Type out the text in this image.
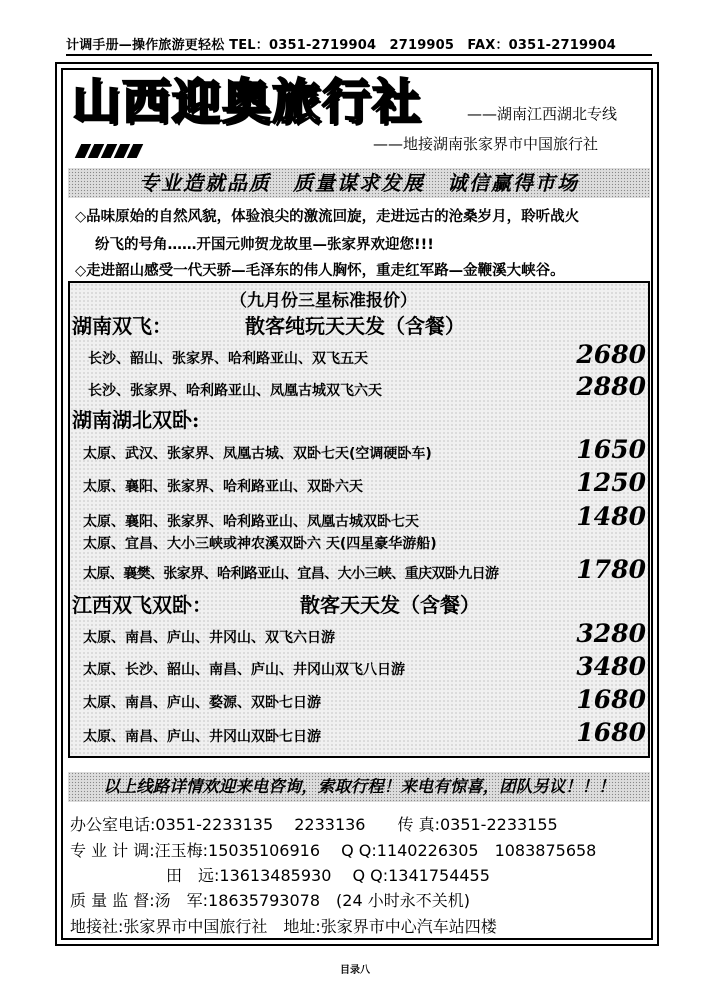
计调手册—操作旅游更轻松 TEL：0351-2719904　2719905　FAX：0351-2719904
山西迎奥旅行社	——湖南江西湖北专线
——地接湖南张家界市中国旅行社
专业造就品质　质量谋求发展　诚信赢得市场
◇品味原始的自然风貌，体验浪尖的激流回旋，走进远古的沧桑岁月，聆听战火
纷飞的号角……开国元帅贺龙故里—张家界欢迎您!!!
◇走进韶山感受一代天骄—毛泽东的伟人胸怀，重走红军路—金鞭溪大峡谷。
（九月份三星标准报价）
湖南双飞：	散客纯玩天天发（含餐）
长沙、韶山、张家界、哈利路亚山、双飞五天	2680
长沙、张家界、哈利路亚山、凤凰古城双飞六天	2880
湖南湖北双卧:
太原、武汉、张家界、凤凰古城、双卧七天(空调硬卧车)	1650
太原、襄阳、张家界、哈利路亚山、双卧六天	1250
太原、襄阳、张家界、哈利路亚山、凤凰古城双卧七天	1480
太原、宜昌、大小三峡或神农溪双卧六 天(四星豪华游船)
太原、襄樊、张家界、哈利路亚山、宜昌、大小三峡、重庆双卧九日游	1780
江西双飞双卧：	散客天天发（含餐）
太原、南昌、庐山、井冈山、双飞六日游	3280
太原、长沙、韶山、南昌、庐山、井冈山双飞八日游	3480
太原、南昌、庐山、婺源、双卧七日游	1680
太原、南昌、庐山、井冈山双卧七日游	1680
以上线路详情欢迎来电咨询，索取行程！来电有惊喜，团队另议！！！
办公室电话:0351-2233135　 2233136　　传 真:0351-2233155
专 业 计 调:汪玉梅:15035106916　 Q Q:1140226305　1083875658
　　　　　　田　远:13613485930　 Q Q:1341754455
质 量 监 督:汤　军:18635793078　(24 小时永不关机)
地接社:张家界市中国旅行社　地址:张家界市中心汽车站四楼
目录八
